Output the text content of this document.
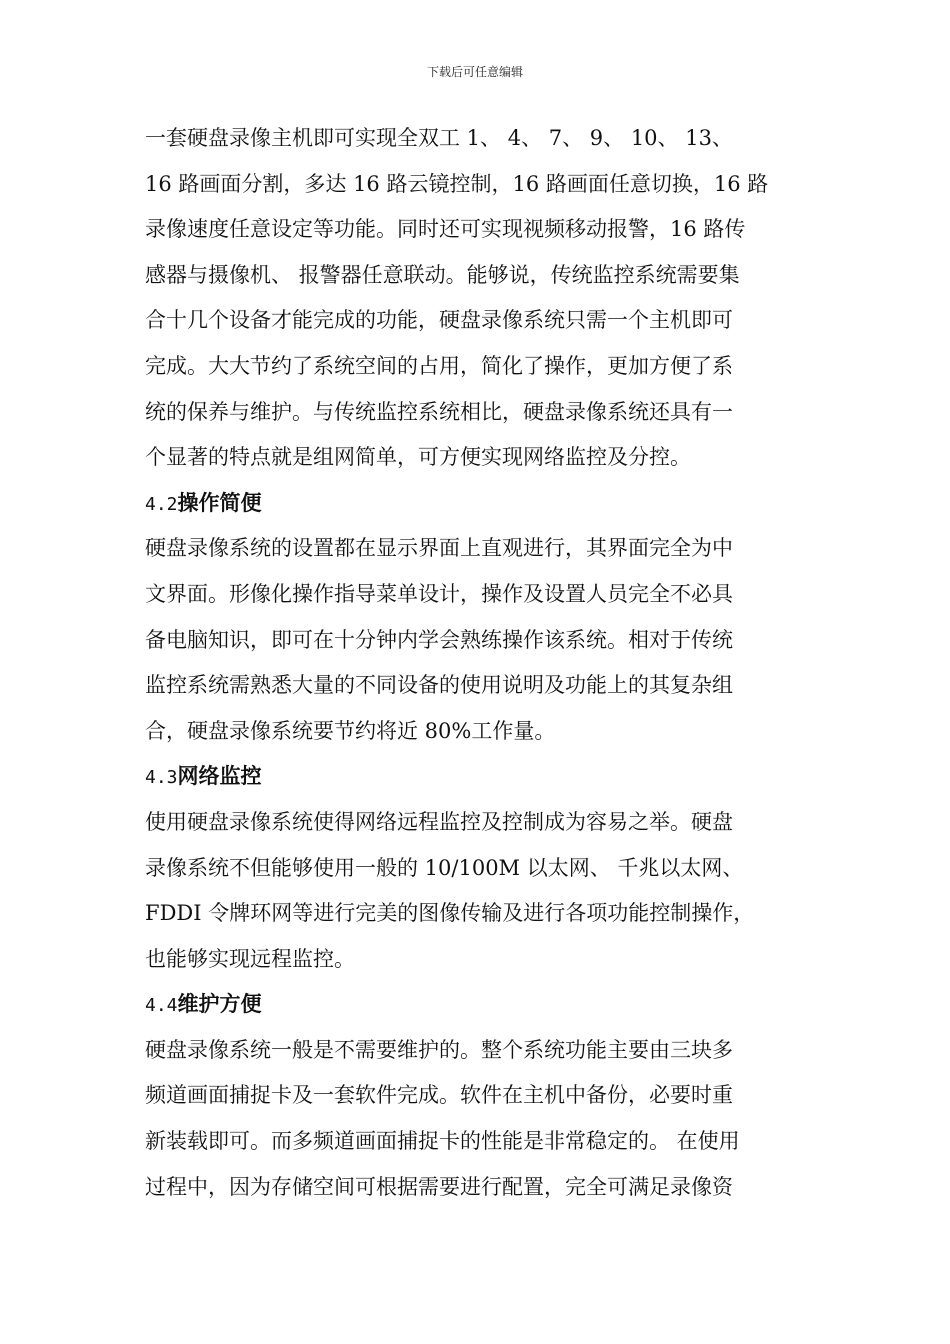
下载后可任意编辑
一套硬盘录像主机即可实现全双工 1、 4、 7、 9、 10、 13、
16 路画面分割，多达 16 路云镜控制，16 路画面任意切换，16 路
录像速度任意设定等功能。同时还可实现视频移动报警，16 路传
感器与摄像机、 报警器任意联动。能够说，传统监控系统需要集
合十几个设备才能完成的功能，硬盘录像系统只需一个主机即可
完成。大大节约了系统空间的占用，简化了操作，更加方便了系
统的保养与维护。与传统监控系统相比，硬盘录像系统还具有一
个显著的特点就是组网简单，可方便实现网络监控及分控。
4.2操作简便
硬盘录像系统的设置都在显示界面上直观进行，其界面完全为中
文界面。形像化操作指导菜单设计，操作及设置人员完全不必具
备电脑知识，即可在十分钟内学会熟练操作该系统。相对于传统
监控系统需熟悉大量的不同设备的使用说明及功能上的其复杂组
合，硬盘录像系统要节约将近 80%工作量。
4.3网络监控
使用硬盘录像系统使得网络远程监控及控制成为容易之举。硬盘
录像系统不但能够使用一般的 10/100M 以太网、 千兆以太网、
FDDI 令牌环网等进行完美的图像传输及进行各项功能控制操作，
也能够实现远程监控。
4.4维护方便
硬盘录像系统一般是不需要维护的。整个系统功能主要由三块多
频道画面捕捉卡及一套软件完成。软件在主机中备份，必要时重
新装载即可。而多频道画面捕捉卡的性能是非常稳定的。 在使用
过程中，因为存储空间可根据需要进行配置，完全可满足录像资
